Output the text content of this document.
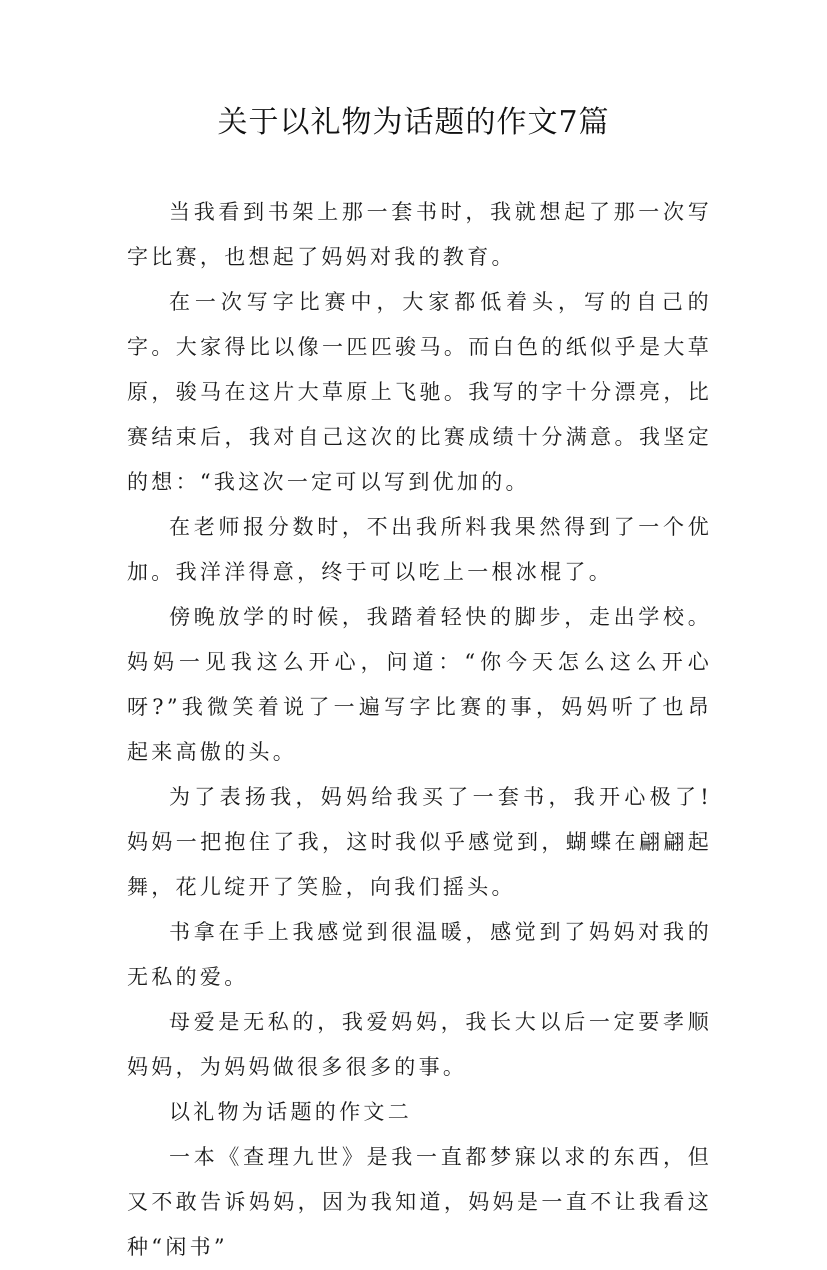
关于以礼物为话题的作文7篇

当我看到书架上那一套书时，我就想起了那一次写字比赛，也想起了妈妈对我的教育。

在一次写字比赛中，大家都低着头，写的自己的字。大家得比以像一匹匹骏马。而白色的纸似乎是大草原，骏马在这片大草原上飞驰。我写的字十分漂亮，比赛结束后，我对自己这次的比赛成绩十分满意。我坚定的想：“我这次一定可以写到优加的。

在老师报分数时，不出我所料我果然得到了一个优加。我洋洋得意，终于可以吃上一根冰棍了。

傍晚放学的时候，我踏着轻快的脚步，走出学校。妈妈一见我这么开心，问道：“你今天怎么这么开心呀?”我微笑着说了一遍写字比赛的事，妈妈听了也昂起来高傲的头。

为了表扬我，妈妈给我买了一套书，我开心极了!妈妈一把抱住了我，这时我似乎感觉到，蝴蝶在翩翩起舞，花儿绽开了笑脸，向我们摇头。

书拿在手上我感觉到很温暖，感觉到了妈妈对我的无私的爱。

母爱是无私的，我爱妈妈，我长大以后一定要孝顺妈妈，为妈妈做很多很多的事。

以礼物为话题的作文二

一本《查理九世》是我一直都梦寐以求的东西，但又不敢告诉妈妈，因为我知道，妈妈是一直不让我看这种“闲书”
